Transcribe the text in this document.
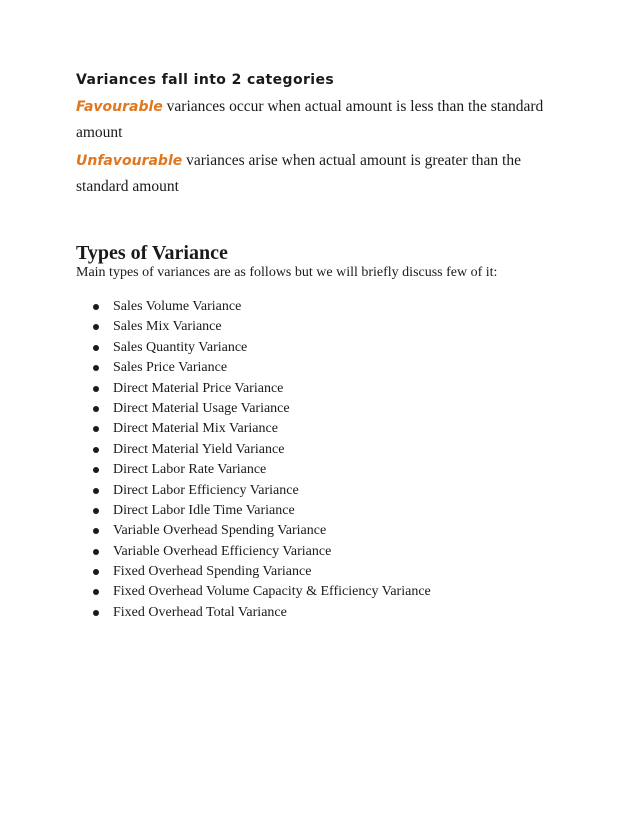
Variances fall into 2 categories
Favourable variances occur when actual amount is less than the standard amount
Unfavourable variances arise when actual amount is greater than the standard amount
Types of Variance
Main types of variances are as follows but we will briefly discuss few of it:
Sales Volume Variance
Sales Mix Variance
Sales Quantity Variance
Sales Price Variance
Direct Material Price Variance
Direct Material Usage Variance
Direct Material Mix Variance
Direct Material Yield Variance
Direct Labor Rate Variance
Direct Labor Efficiency Variance
Direct Labor Idle Time Variance
Variable Overhead Spending Variance
Variable Overhead Efficiency Variance
Fixed Overhead Spending Variance
Fixed Overhead Volume Capacity & Efficiency Variance
Fixed Overhead Total Variance
